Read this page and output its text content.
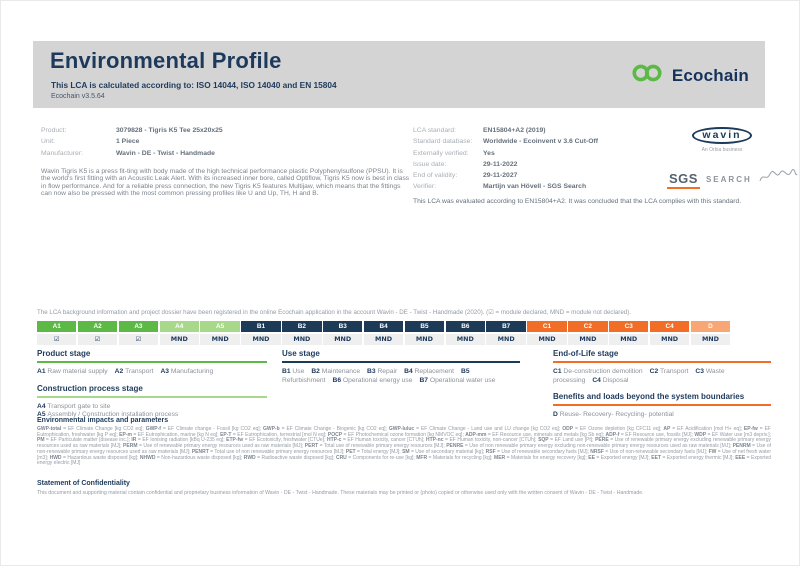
Environmental Profile
This LCA is calculated according to: ISO 14044, ISO 14040 and EN 15804
Ecochain v3.5.64
Ecochain
Product:	3079828 - Tigris K5 Tee 25x20x25
Unit:	1 Piece
Manufacturer:	Wavin - DE - Twist - Handmade
Wavin Tigris K5 is a press fit-ting with body made of the high technical performance plastic Polyphenylsulfone (PPSU). It is the world's first fitting with an Acoustic Leak Alert. With its increased inner bore, called Optiflow, Tigris K5 now is best in class in flow performance. And for a reliable press connection, the new Tigris K5 features Multijaw, which means that the fittings can now also be pressed with the most common pressing profiles like U and Up, TH, H and B.
LCA standard:	EN15804+A2 (2019)
Standard database:	Worldwide - Ecoinvent v 3.6 Cut-Off
Externally verified:	Yes
Issue date:	29-11-2022
End of validity:	29-11-2027
Verifier:	Martijn van Hövell - SGS Search
This LCA was evaluated according to EN15804+A2. It was concluded that the LCA complies with this standard.
wavin
An Orbia business
SGS SEARCH
The LCA background information and project dossier have been registered in the online Ecochain application in the account Wavin - DE - Twist - Handmade (2020). (☑ = module declared, MND = module not declared).
A1	A2	A3	A4	A5	B1	B2	B3	B4	B5	B6	B7	C1	C2	C3	C4	D
☑	☑	☑	MND	MND	MND	MND	MND	MND	MND	MND	MND	MND	MND	MND	MND	MND
Product stage
A1 Raw material supply A2 Transport A3 Manufacturing
Construction process stage
A4 Transport gate to site
A5 Assembly / Construction installation process
Use stage
B1 Use B2 Maintenance B3 Repair B4 Replacement B5 Refurbishment B6 Operational energy use B7 Operational water use
End-of-Life stage
C1 De-construction demolition C2 Transport C3 Waste processing C4 Disposal
Benefits and loads beyond the system boundaries
D Reuse- Recovery- Recycling- potential
Environmental impacts and parameters
GWP-total = EF Climate Change [kg CO2 eq]; GWP-f = EF Climate change - Fossil [kg CO2 eq]; GWP-b = EF Climate Change - Biogenic [kg CO2 eq]; GWP-luluc = EF Climate Change - Land use and LU change [kg CO2 eq]; ODP = EF Ozone depletion [kg CFC11 eq]; AP = EF Acidification [mol H+ eq]; EP-fw = EF Eutrophication, freshwater [kg P eq]; EP-m = EF Eutrophication, marine [kg N eq]; EP-T = EF Eutrophication, terrestrial [mol N eq]; POCP = EF Photochemical ozone formation [kg NMVOC eq]; ADP-mm = EF Resource use, minerals and metals [kg Sb eq]; ADP-f = EF Resource use, fossils [MJ]; WDP = EF Water use [m3 depriv.]; PM = EF Particulate matter [disease inc.]; IR = EF Ionising radiation [kBq U-235 eq]; ETP-fw = EF Ecotoxicity, freshwater [CTUe]; HTP-c = EF Human toxicity, cancer [CTUh]; HTP-nc = EF Human toxicity, non-cancer [CTUh]; SQP = EF Land use [Pt]; PERE = Use of renewable primary energy excluding renewable primary energy resources used as raw materials [MJ]; PERM = Use of renewable primary energy resources used as raw materials [MJ]; PERT = Total use of renewable primary energy resources [MJ]; PENRE = Use of non renewable primary energy excluding non-renewable primary energy resources used as raw materials [MJ]; PENRM = Use of non-renewable primary energy resources used as raw materials [MJ]; PENRT = Total use of non renewable primary energy resources [MJ]; PET = Total energy [MJ]; SM = Use of secondary material [kg]; RSF = Use of renewable secondary fuels [MJ]; NRSF = Use of non-renewable secondary fuels [MJ]; FW = Use of net fresh water [m3]; HWD = Hazardous waste disposed [kg]; NHWD = Non-hazardous waste disposed [kg]; RWD = Radioactive waste disposed [kg]; CRU = Components for re-use [kg]; MFR = Materials for recycling [kg]; MER = Materials for energy recovery [kg]; EE = Exported energy [MJ]; EET = Exported energy thermic [MJ]; EEE = Exported energy electric [MJ]
Statement of Confidentiality
This document and supporting material contain confidential and proprietary business information of Wavin - DE - Twist - Handmade. These materials may be printed or (photo) copied or otherwise used only with the written consent of Wavin - DE - Twist - Handmade.
